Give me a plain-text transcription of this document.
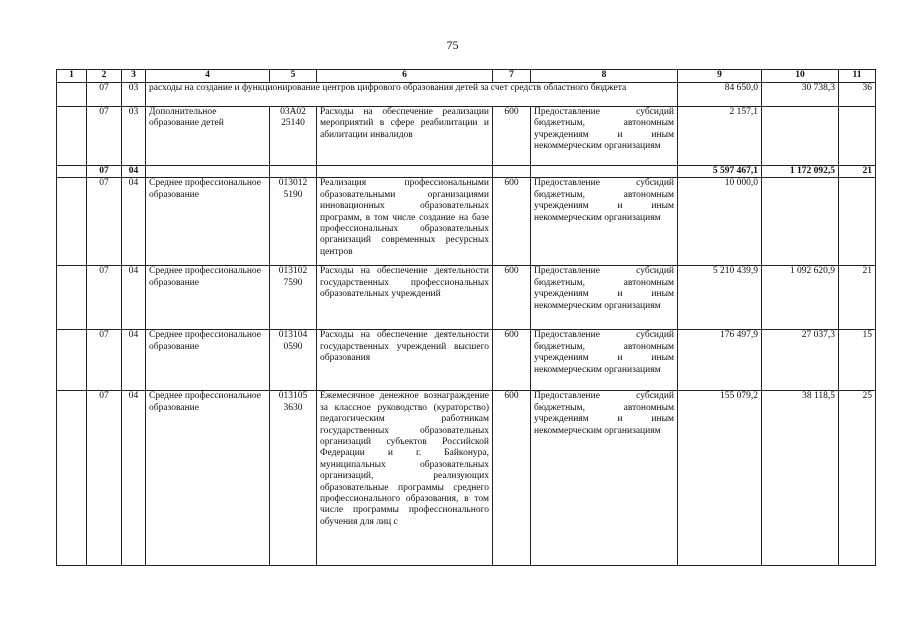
75
1	2	3	4	5	6	7	8	9	10	11
	07	03	расходы на создание и функционирование центров цифрового образования детей за счет средств областного бюджета					84 650,0	30 738,3	36
	07	03	Дополнительное образование детей	03А02 25140	Расходы на обеспечение реализации мероприятий в сфере реабилитации и абилитации инвалидов	600	Предоставление субсидий бюджетным, автономным учреждениям и иным некоммерческим организациям	2 157,1		
	07	04						5 597 467,1	1 172 092,5	21
	07	04	Среднее профессиональное образование	013012 5190	Реализация профессиональными образовательными организациями инновационных образовательных программ, в том числе создание на базе профессиональных образовательных организаций современных ресурсных центров	600	Предоставление субсидий бюджетным, автономным учреждениям и иным некоммерческим организациям	10 000,0		
	07	04	Среднее профессиональное образование	013102 7590	Расходы на обеспечение деятельности государственных профессиональных образовательных учреждений	600	Предоставление субсидий бюджетным, автономным учреждениям и иным некоммерческим организациям	5 210 439,9	1 092 620,9	21
	07	04	Среднее профессиональное образование	013104 0590	Расходы на обеспечение деятельности государственных учреждений высшего образования	600	Предоставление субсидий бюджетным, автономным учреждениям и иным некоммерческим организациям	176 497,9	27 037,3	15
	07	04	Среднее профессиональное образование	013105 3630	Ежемесячное денежное вознаграждение за классное руководство (кураторство) педагогическим работникам государственных образовательных организаций субъектов Российской Федерации и г. Байконура, муниципальных образовательных организаций, реализующих образовательные программы среднего профессионального образования, в том числе программы профессионального обучения для лиц с	600	Предоставление субсидий бюджетным, автономным учреждениям и иным некоммерческим организациям	155 079,2	38 118,5	25
